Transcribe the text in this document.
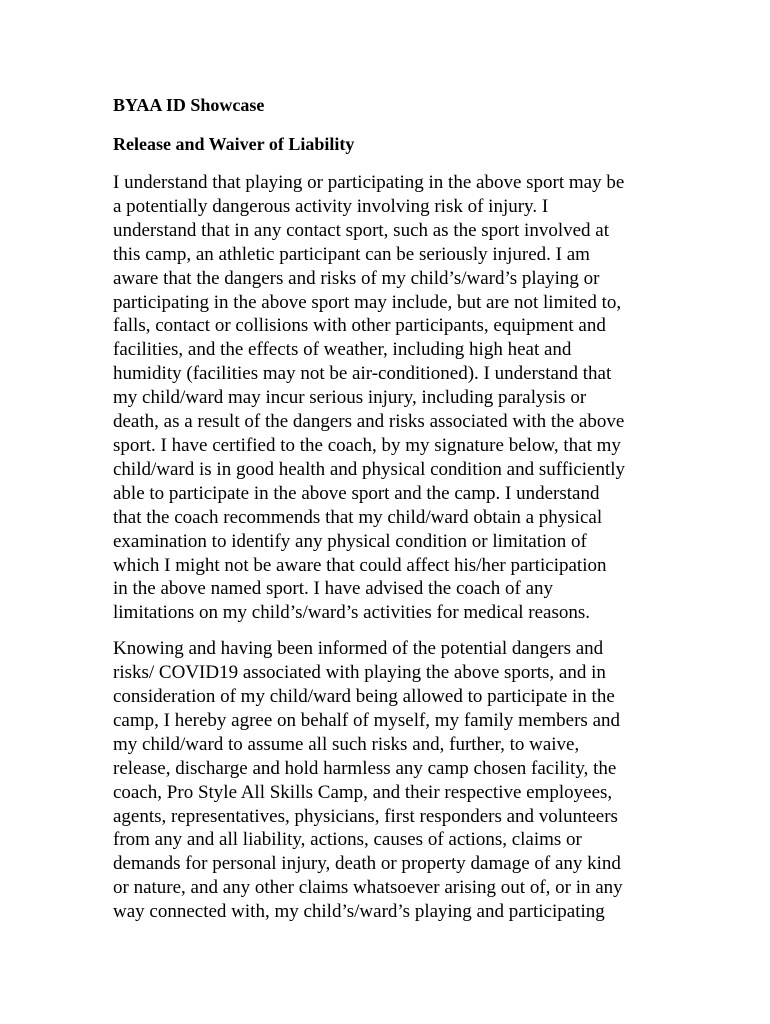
BYAA ID Showcase
Release and Waiver of Liability
I understand that playing or participating in the above sport may be
a potentially dangerous activity involving risk of injury. I
understand that in any contact sport, such as the sport involved at
this camp, an athletic participant can be seriously injured. I am
aware that the dangers and risks of my child’s/ward’s playing or
participating in the above sport may include, but are not limited to,
falls, contact or collisions with other participants, equipment and
facilities, and the effects of weather, including high heat and
humidity (facilities may not be air-conditioned). I understand that
my child/ward may incur serious injury, including paralysis or
death, as a result of the dangers and risks associated with the above
sport. I have certified to the coach, by my signature below, that my
child/ward is in good health and physical condition and sufficiently
able to participate in the above sport and the camp. I understand
that the coach recommends that my child/ward obtain a physical
examination to identify any physical condition or limitation of
which I might not be aware that could affect his/her participation
in the above named sport. I have advised the coach of any
limitations on my child’s/ward’s activities for medical reasons.
Knowing and having been informed of the potential dangers and
risks/ COVID19 associated with playing the above sports, and in
consideration of my child/ward being allowed to participate in the
camp, I hereby agree on behalf of myself, my family members and
my child/ward to assume all such risks and, further, to waive,
release, discharge and hold harmless any camp chosen facility, the
coach, Pro Style All Skills Camp, and their respective employees,
agents, representatives, physicians, first responders and volunteers
from any and all liability, actions, causes of actions, claims or
demands for personal injury, death or property damage of any kind
or nature, and any other claims whatsoever arising out of, or in any
way connected with, my child’s/ward’s playing and participating
